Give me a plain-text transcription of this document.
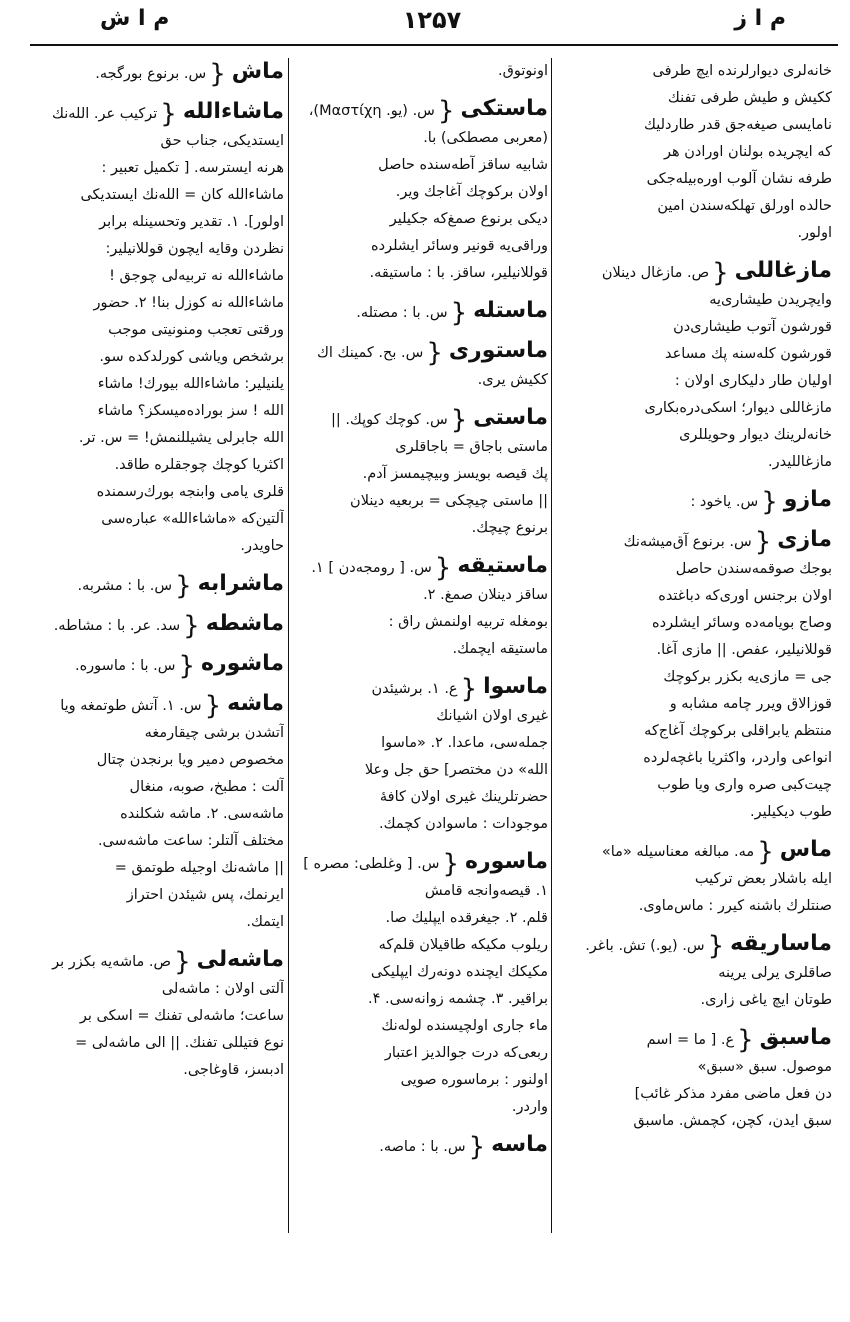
م ا ز
۱۲۵۷
م ا ش
خانه‌لری دیوارلرنده ایچ طرفی
ککیش و طیش طرفی تفنك
نامایسی صیغه‌جق قدر طاردلیك
که ایچریده بولنان اورادن هر
طرفه نشان آلوب اوره‌بیله‌جکی
حالده اورلق تهلکه‌سندن امین
اولور.
مازغاللی{ص. مازغال دینلان
وایچریدن طیشاری‌یه
قورشون آتوب طیشاری‌دن
قورشون کله‌سنه پك مساعد
اولیان طار دلیکاری اولان :
مازغاللی دیوار؛ اسکی‌دره‌بکاری
خانه‌لرینك دیوار وحویللری
مازغاللیدر.
مازو{س. یاخود :
مازی{س. برنوع آق‌میشه‌نك
بوجك صوقمه‌سندن حاصل
اولان برجنس اوری‌که دباغتده
وصاج بویامه‌ده وسائر ایشلرده
قوللانیلیر، عفص. || مازی آغا.
جی = مازی‌یه بکزر برکوچك
قوزالاق ویرر چامه مشابه و
منتظم یابراقلی برکوچك آغاج‌که
انواعی واردر، واکثریا باغچه‌لرده
چیت‌کبی صره واری ویا طوب
طوب دیکیلیر.
ماس{مه. مبالغه معناسیله «ما»
ایله باشلار بعض ترکیب
صنتلرك باشنه کیرر : ماس‌ماوی.
ماساریقه{س. (یو.) تش. باغر.
صاقلری یرلی یرینه
طوتان ایچ یاغی زاری.
ماسبق{ع. [ ما = اسم
موصول. سبق «سبق»
دن فعل ماضی مفرد مذکر غائب]
سبق ایدن، کچن، کچمش. ماسبق
اونوتوق.
ماستکی{س. (یو. Μαστίχη)،
(معربی مصطکی) با.
شابیه ساقز آطه‌سنده حاصل
اولان برکوچك آغاجك ویر.
دیکی برنوع صمغ‌که جکیلیر
وراقی‌یه قونیر وسائر ایشلرده
قوللانیلیر، ساقز. با : ماستیقه.
ماستله{س. با : مصتله.
ماستوری{س. بح. کمینك اك
ککیش یری.
ماستی{س. کوچك کوپك. ||
ماستی باجاق = باجاقلری
پك قیصه بویسز وبیچیمسز آدم.
|| ماستی چیچکی = بربعیه دینلان
برنوع چیچك.
ماستیقه{س. [ رومجه‌دن ] ۱.
ساقز دینلان صمغ. ۲.
بومغله تربیه اولنمش راق :
ماستیقه ایچمك.
ماسوا{ع. ۱. برشیئدن
غیری اولان اشیانك
جمله‌سی، ماعدا. ۲. «ماسوا
الله» دن مختصر] حق جل وعلا
حضرتلرینك غیری اولان کافهٔ
موجودات : ماسوادن کچمك.
ماسوره{س. [ وغلطی: مصره ]
۱. قیصه‌وانجه قامش
قلم. ۲. جیغرقده ایپلیك صا.
ریلوب مکیکه طاقیلان قلم‌که
مکیکك ایچنده دونه‌رك ایپلیکی
براقیر. ۳. چشمه زوانه‌سی. ۴.
ماء جاری اولچیسنده لوله‌نك
ربعی‌که درت جوالدیز اعتبار
اولنور : برماسوره صویی
واردر.
ماسه{س. با : ماصه.
ماش{س. برنوع بورگجه.
ماشاءالله{ترکیب عر. الله‌نك
ایستدیکی، جناب حق
هرنه ایسترسه. [ تکمیل تعبیر :
ماشاءالله کان = الله‌نك ایستدیکی
اولور]. ۱. تقدیر وتحسینله برابر
نظردن وقایه ایچون قوللانیلیر:
ماشاءالله نه تربیه‌لی چوجق !
ماشاءالله نه کوزل بنا! ۲. حضور
ورقتی تعجب ومنونیتی موجب
برشخص ویاشی کورلدکده سو.
یلنیلیر: ماشاءالله بیورك! ماشاء
الله ! سز بوراده‌میسکز؟ ماشاء
الله جابرلی یشیللنمش! = س. تر.
اکثریا کوچك چوجقلره طاقد.
قلری یامی وابنجه بورك‌رسمنده
آلتین‌که «ماشاءالله» عباره‌سی
حاویدر.
ماشرابه{س. با : مشربه.
ماشطه{سد. عر. با : مشاطه.
ماشوره{س. با : ماسوره.
ماشه{س. ۱. آتش طوتمغه ویا
آتشدن برشی چیقارمغه
مخصوص دمیر ویا برنجدن چتال
آلت : مطبخ، صوبه، منغال
ماشه‌سی. ۲. ماشه شکلنده
مختلف آلتلر: ساعت ماشه‌سی.
|| ماشه‌نك اوجیله طوتمق =
ایرنمك، پس شیئدن احتراز
ایتمك.
ماشه‌لی{ص. ماشه‌یه بکزر بر
آلتی اولان : ماشه‌لی
ساعت؛ ماشه‌لی تفنك = اسکی بر
نوع فتیللی تفنك. || الی ماشه‌لی =
ادبسز، قاوغاجی.
